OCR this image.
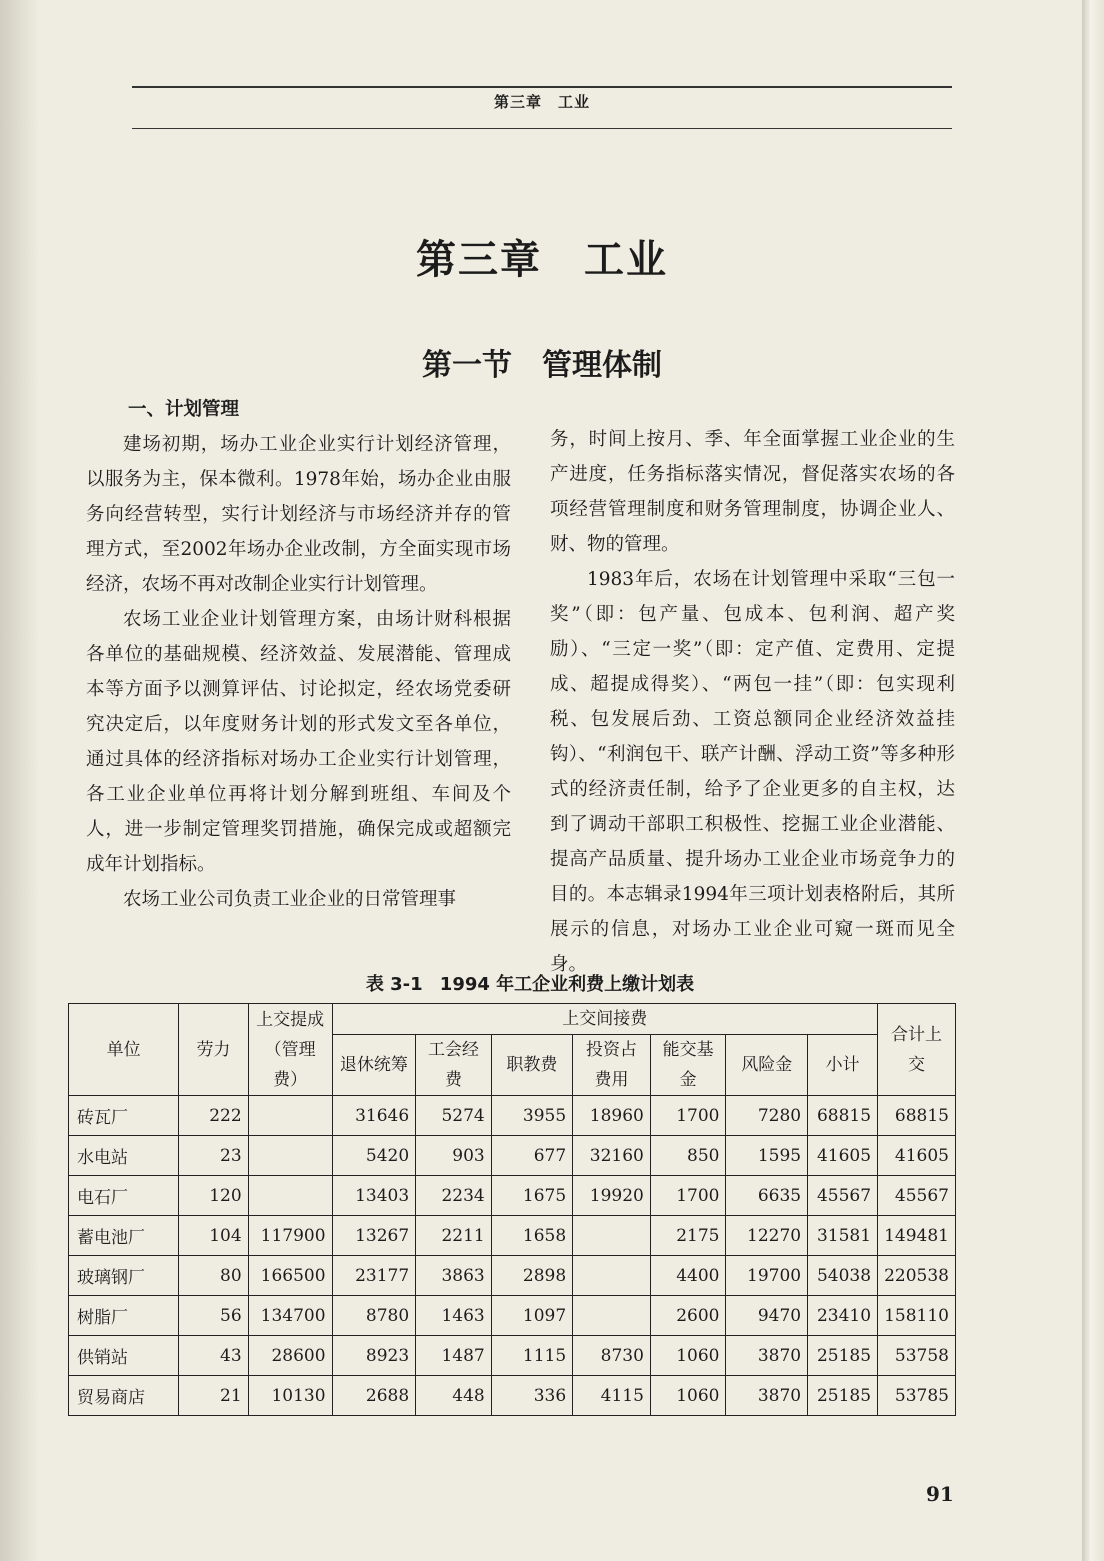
第三章　工业
第三章　工业
第一节　管理体制

一、计划管理

建场初期，场办工业企业实行计划经济管理，以服务为主，保本微利。1978年始，场办企业由服务向经营转型，实行计划经济与市场经济并存的管理方式，至2002年场办企业改制，方全面实现市场经济，农场不再对改制企业实行计划管理。

农场工业企业计划管理方案，由场计财科根据各单位的基础规模、经济效益、发展潜能、管理成本等方面予以测算评估、讨论拟定，经农场党委研究决定后，以年度财务计划的形式发文至各单位，通过具体的经济指标对场办工企业实行计划管理，各工业企业单位再将计划分解到班组、车间及个人，进一步制定管理奖罚措施，确保完成或超额完成年计划指标。

农场工业公司负责工业企业的日常管理事

务，时间上按月、季、年全面掌握工业企业的生产进度，任务指标落实情况，督促落实农场的各项经营管理制度和财务管理制度，协调企业人、财、物的管理。

1983年后，农场在计划管理中采取“三包一奖”（即：包产量、包成本、包利润、超产奖励）、“三定一奖”（即：定产值、定费用、定提成、超提成得奖）、“两包一挂”（即：包实现利税、包发展后劲、工资总额同企业经济效益挂钩）、“利润包干、联产计酬、浮动工资”等多种形式的经济责任制，给予了企业更多的自主权，达到了调动干部职工积极性、挖掘工业企业潜能、提高产品质量、提升场办工业企业市场竞争力的目的。本志辑录1994年三项计划表格附后，其所展示的信息，对场办工业企业可窥一斑而见全身。

表 3-1 1994 年工企业利费上缴计划表
单位	劳力	上交提成（管理费）	上交间接费							合计上交
			退休统筹	工会经费	职教费	投资占费用	能交基金	风险金	小计	
砖瓦厂	222		31646	5274	3955	18960	1700	7280	68815	68815
水电站	23		5420	903	677	32160	850	1595	41605	41605
电石厂	120		13403	2234	1675	19920	1700	6635	45567	45567
蓄电池厂	104	117900	13267	2211	1658		2175	12270	31581	149481
玻璃钢厂	80	166500	23177	3863	2898		4400	19700	54038	220538
树脂厂	56	134700	8780	1463	1097		2600	9470	23410	158110
供销站	43	28600	8923	1487	1115	8730	1060	3870	25185	53758
贸易商店	21	10130	2688	448	336	4115	1060	3870	25185	53785
91
